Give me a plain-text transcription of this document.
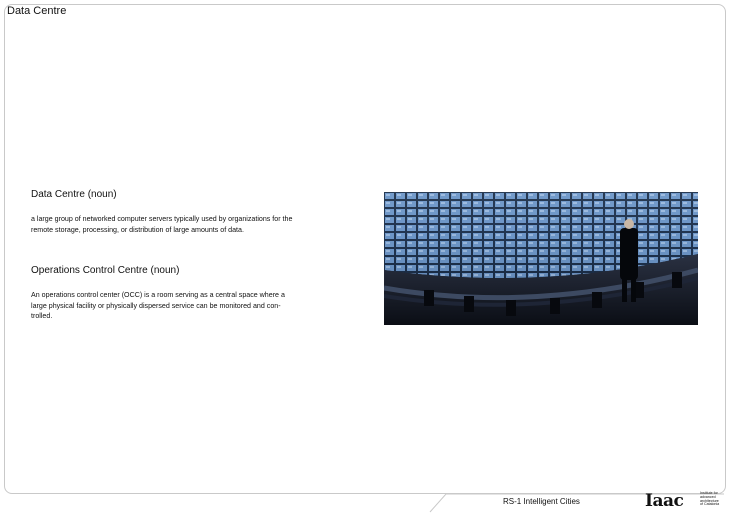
Data Centre
Data Centre (noun)
a large group of networked computer servers typically used by organizations for the
remote storage, processing, or distribution of large amounts of data.
Operations Control Centre (noun)
An operations control center (OCC) is a room serving as a central space where a
large physical facility or physically dispersed service can be monitored and con-
trolled.
RS-1 Intelligent Cities	Iaac	Institute for
advanced
architecture
of Catalonia
